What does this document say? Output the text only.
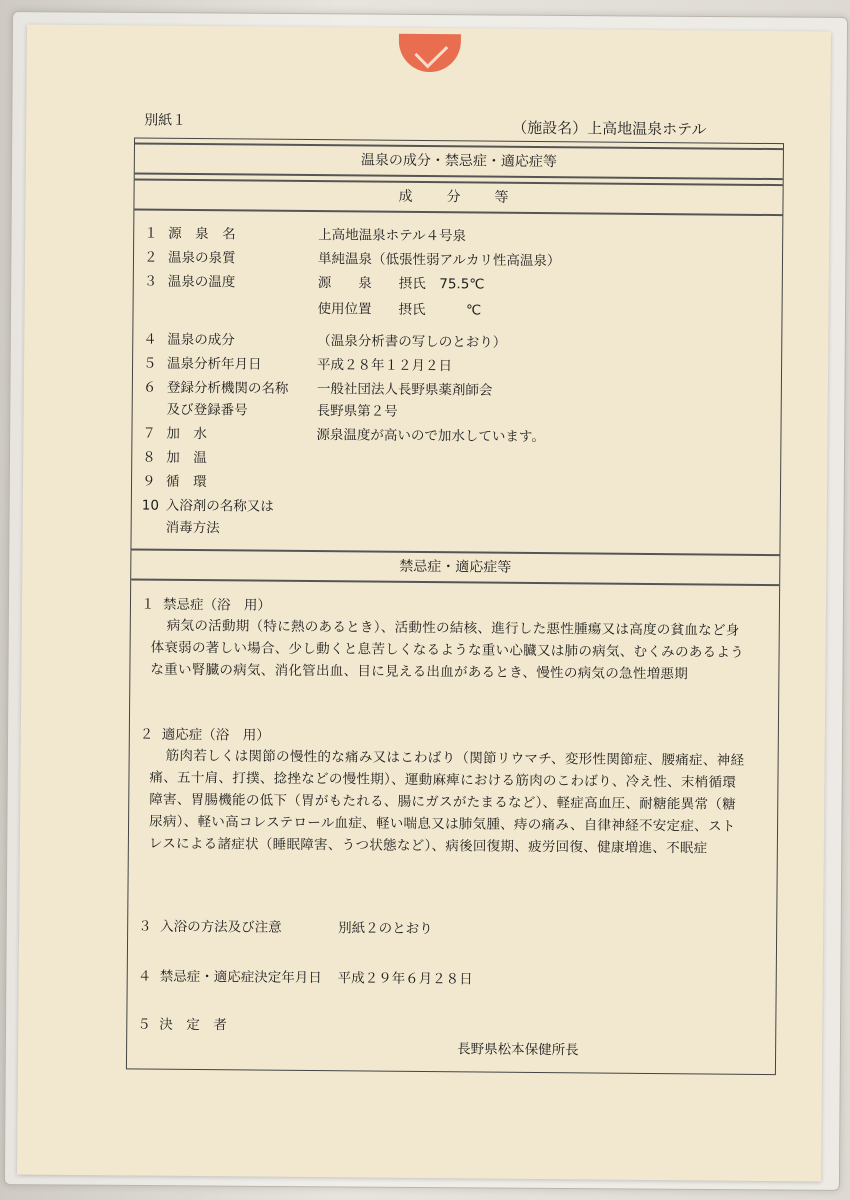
別紙１	（施設名）上高地温泉ホテル
温泉の成分・禁忌症・適応症等
成　分　等
１ 源　泉　名	上高地温泉ホテル４号泉
２ 温泉の泉質	単純温泉（低張性弱アルカリ性高温泉）
３ 温泉の温度	源　　泉　　摂氏　75.5℃
使用位置　　摂氏　　　℃
４ 温泉の成分	（温泉分析書の写しのとおり）
５ 温泉分析年月日	平成２８年１２月２日
６ 登録分析機関の名称	一般社団法人長野県薬剤師会
及び登録番号	長野県第２号
７ 加　水	源泉温度が高いので加水しています。
８ 加　温
９ 循　環
10 入浴剤の名称又は
消毒方法
禁忌症・適応症等
１ 禁忌症（浴　用）
病気の活動期（特に熱のあるとき）、活動性の結核、進行した悪性腫瘍又は高度の貧血など身体衰弱の著しい場合、少し動くと息苦しくなるような重い心臓又は肺の病気、むくみのあるような重い腎臓の病気、消化管出血、目に見える出血があるとき、慢性の病気の急性増悪期
２ 適応症（浴　用）
筋肉若しくは関節の慢性的な痛み又はこわばり（関節リウマチ、変形性関節症、腰痛症、神経痛、五十肩、打撲、捻挫などの慢性期）、運動麻痺における筋肉のこわばり、冷え性、末梢循環障害、胃腸機能の低下（胃がもたれる、腸にガスがたまるなど）、軽症高血圧、耐糖能異常（糖尿病）、軽い高コレステロール血症、軽い喘息又は肺気腫、痔の痛み、自律神経不安定症、ストレスによる諸症状（睡眠障害、うつ状態など）、病後回復期、疲労回復、健康増進、不眠症
３ 入浴の方法及び注意	別紙２のとおり
４ 禁忌症・適応症決定年月日 平成２９年６月２８日
５ 決　定　者
長野県松本保健所長
